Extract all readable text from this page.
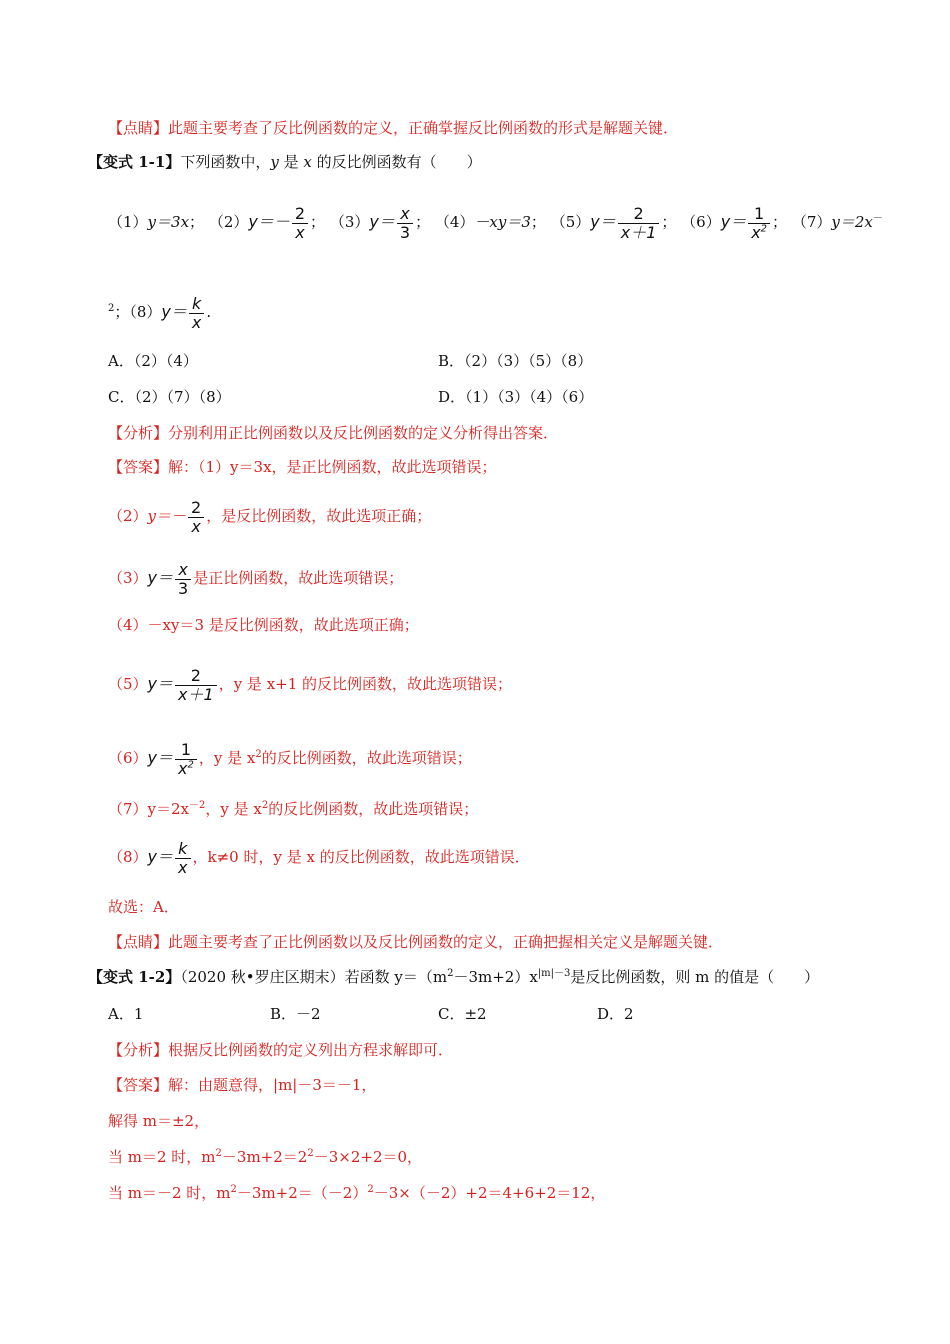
【点睛】此题主要考查了反比例函数的定义，正确掌握反比例函数的形式是解题关键．
【变式 1-1】下列函数中，y 是 x 的反比例函数有（　　）
（1）y＝3x； $(2)y=- \frac{2}{x}$ ； $(3)y= \frac{x}{3}$ ； （4）－xy＝3； $(5)y= \frac{2}{x+1}$ ； $(6)y= \frac{1}{x^2}$ ； （7）y＝2x－
$^2$；$(8)y= \frac{k}{x}$ .
A．（2）（4）	B．（2）（3）（5）（8）
C．（2）（7）（8）	D．（1）（3）（4）（6）
【分析】分别利用正比例函数以及反比例函数的定义分析得出答案．
【答案】解：（1）y＝3x，是正比例函数，故此选项错误；
$(2)y=- \frac{2}{x}$ ，是反比例函数，故此选项正确；
$(3)y= \frac{x}{3}$ 是正比例函数，故此选项错误；
（4）－xy＝3 是反比例函数，故此选项正确；
$(5)y= \frac{2}{x+1}$ ，y 是 x+1 的反比例函数，故此选项错误；
$(6)y= \frac{1}{x^2}$ ，y 是 $x^2$的反比例函数，故此选项错误；
$(7)y=2x^{-2}$，y 是 $x^2$的反比例函数，故此选项错误；
$(8)y= \frac{k}{x}$ ，k≠0 时，y 是 x 的反比例函数，故此选项错误．
故选：A．
【点睛】此题主要考查了正比例函数以及反比例函数的定义，正确把握相关定义是解题关键．
【变式 1-2】（2020 秋•罗庄区期末）若函数 $y=(m^2-3m+2)x^{|m|-3}$是反比例函数，则 m 的值是（　　）
A．1	B．－2	C．±2	D．2
【分析】根据反比例函数的定义列出方程求解即可．
【答案】解：由题意得，|m|－3＝－1，
解得 m＝±2，
当 m＝2 时，$m^2-3m+2=2^2-3\times 2+2=0$，
当 m＝－2 时，$m^2-3m+2=(-2)^2-3\times(-2)+2=4+6+2=12$，
